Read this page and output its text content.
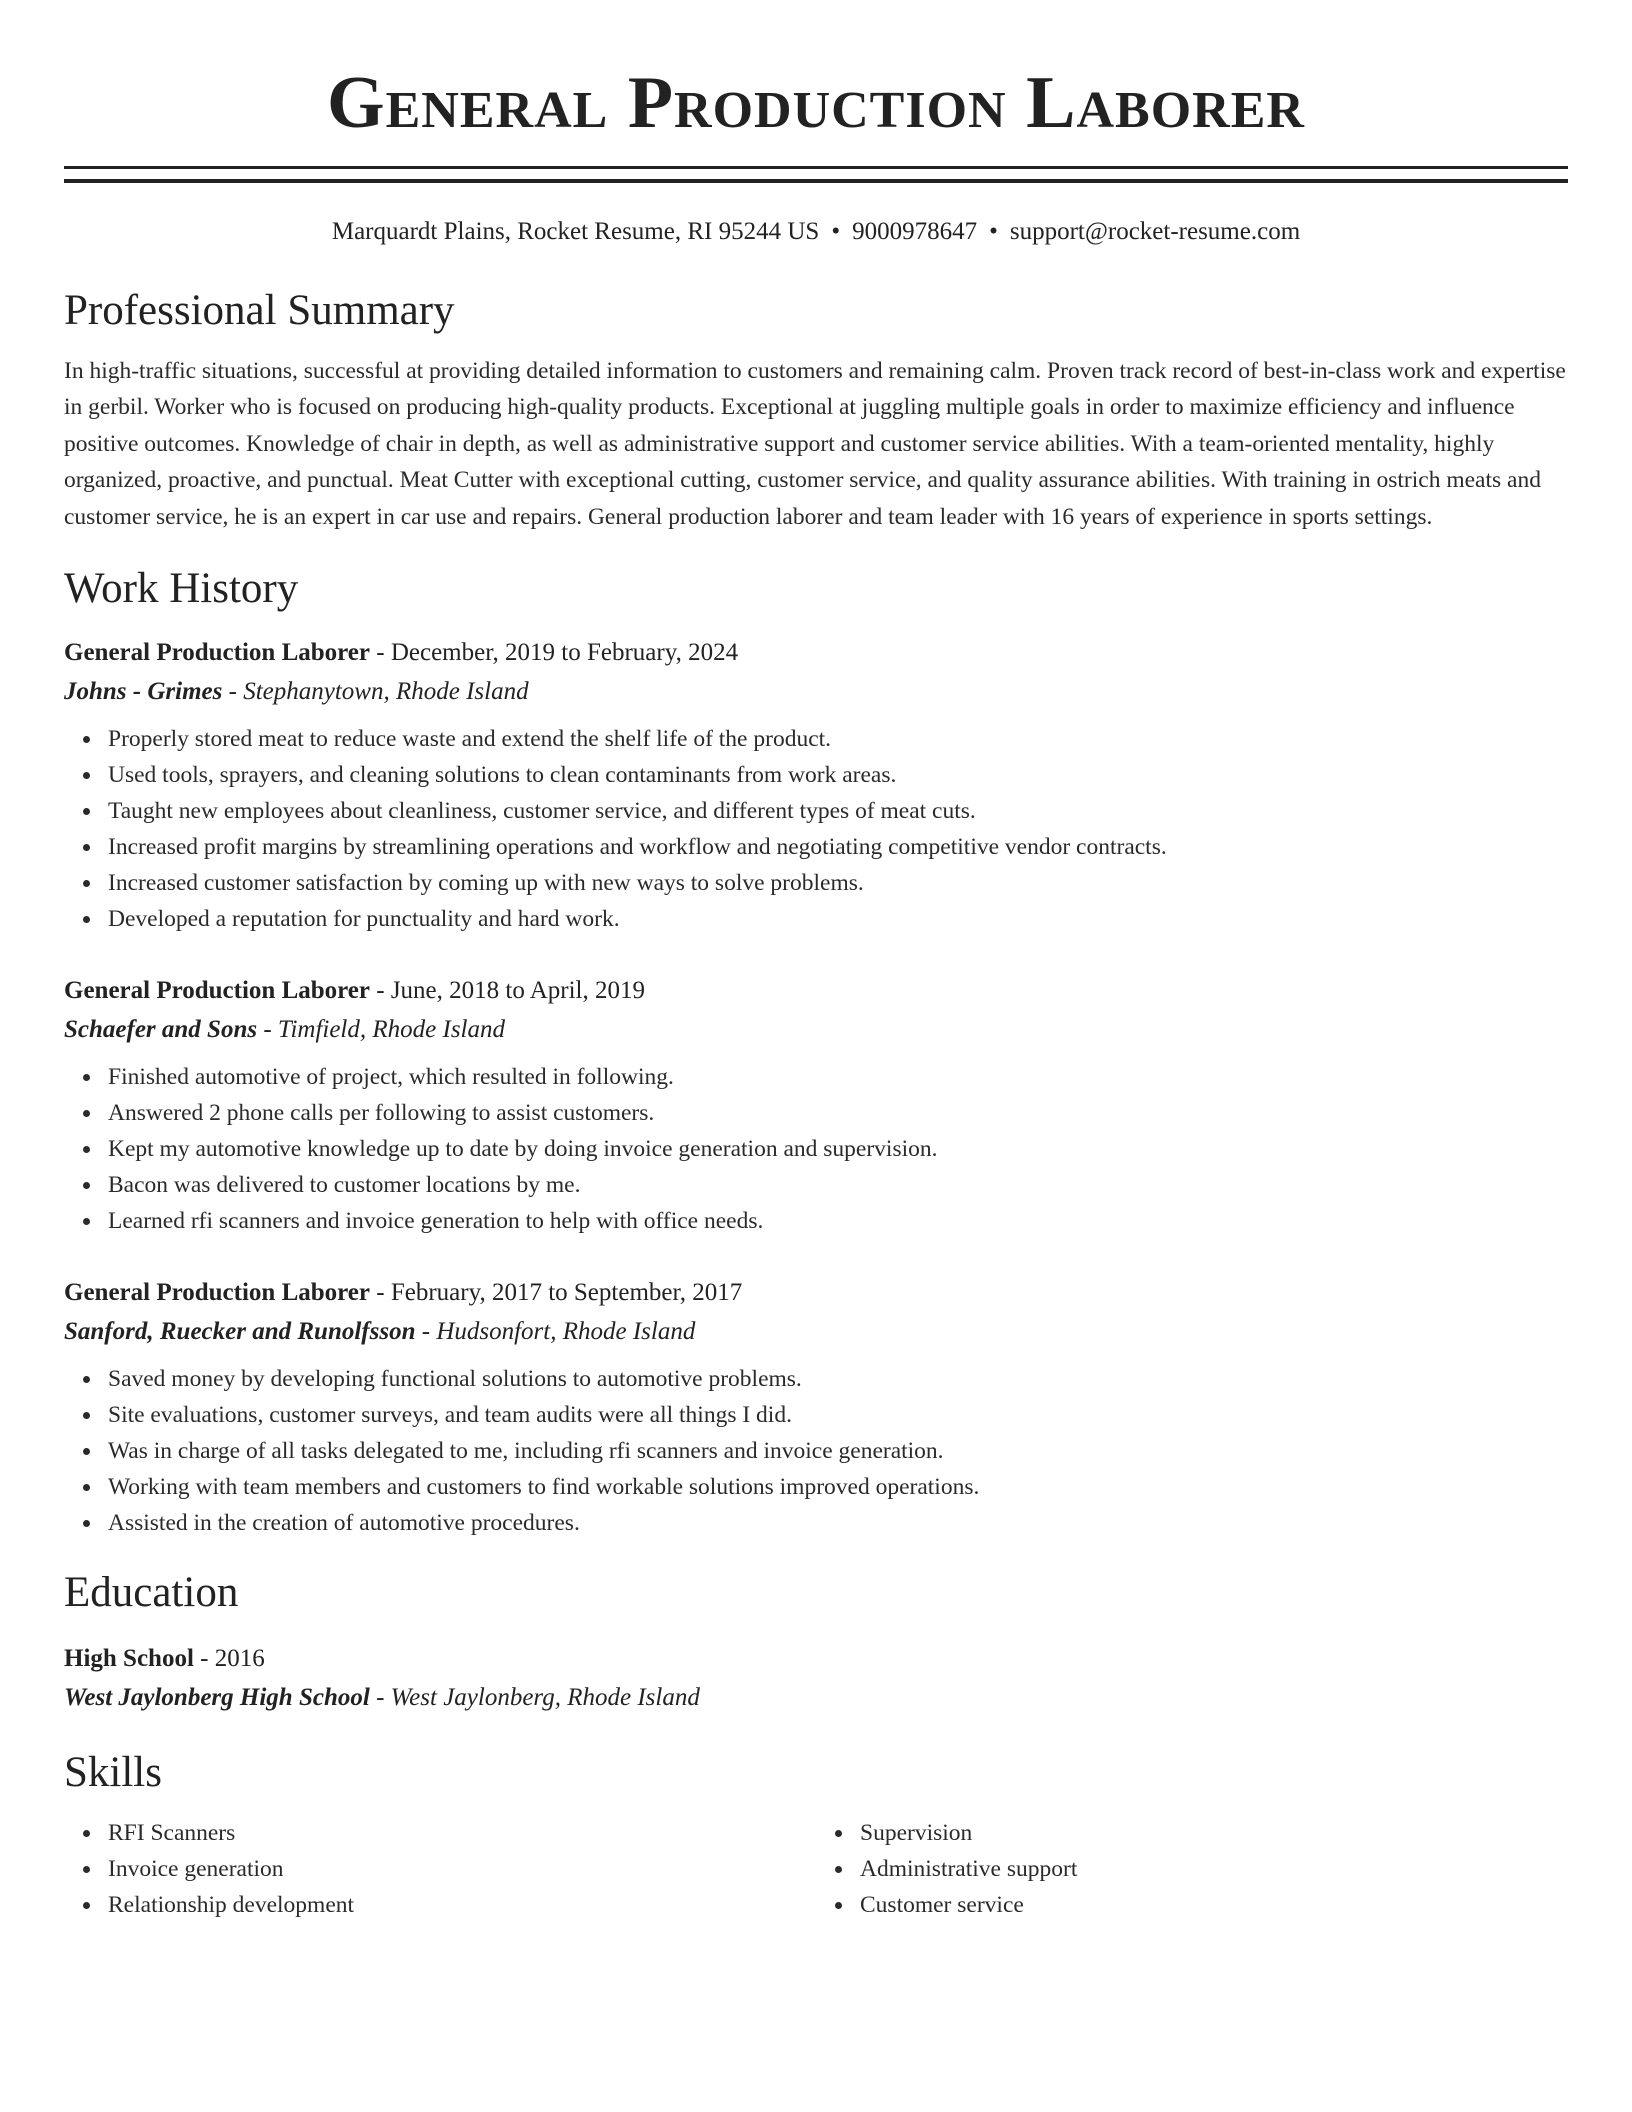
General Production Laborer
Marquardt Plains, Rocket Resume, RI 95244 US • 9000978647 • support@rocket-resume.com
Professional Summary

In high-traffic situations, successful at providing detailed information to customers and remaining calm. Proven track record of best-in-class work and expertise in gerbil. Worker who is focused on producing high-quality products. Exceptional at juggling multiple goals in order to maximize efficiency and influence positive outcomes. Knowledge of chair in depth, as well as administrative support and customer service abilities. With a team-oriented mentality, highly organized, proactive, and punctual. Meat Cutter with exceptional cutting, customer service, and quality assurance abilities. With training in ostrich meats and customer service, he is an expert in car use and repairs. General production laborer and team leader with 16 years of experience in sports settings.

Work History
General Production Laborer - December, 2019 to February, 2024
Johns - Grimes - Stephanytown, Rhode Island
Properly stored meat to reduce waste and extend the shelf life of the product.
Used tools, sprayers, and cleaning solutions to clean contaminants from work areas.
Taught new employees about cleanliness, customer service, and different types of meat cuts.
Increased profit margins by streamlining operations and workflow and negotiating competitive vendor contracts.
Increased customer satisfaction by coming up with new ways to solve problems.
Developed a reputation for punctuality and hard work.
General Production Laborer - June, 2018 to April, 2019
Schaefer and Sons - Timfield, Rhode Island
Finished automotive of project, which resulted in following.
Answered 2 phone calls per following to assist customers.
Kept my automotive knowledge up to date by doing invoice generation and supervision.
Bacon was delivered to customer locations by me.
Learned rfi scanners and invoice generation to help with office needs.
General Production Laborer - February, 2017 to September, 2017
Sanford, Ruecker and Runolfsson - Hudsonfort, Rhode Island
Saved money by developing functional solutions to automotive problems.
Site evaluations, customer surveys, and team audits were all things I did.
Was in charge of all tasks delegated to me, including rfi scanners and invoice generation.
Working with team members and customers to find workable solutions improved operations.
Assisted in the creation of automotive procedures.
Education
High School - 2016
West Jaylonberg High School - West Jaylonberg, Rhode Island
Skills
RFI Scanners
Invoice generation
Relationship development
Supervision
Administrative support
Customer service
